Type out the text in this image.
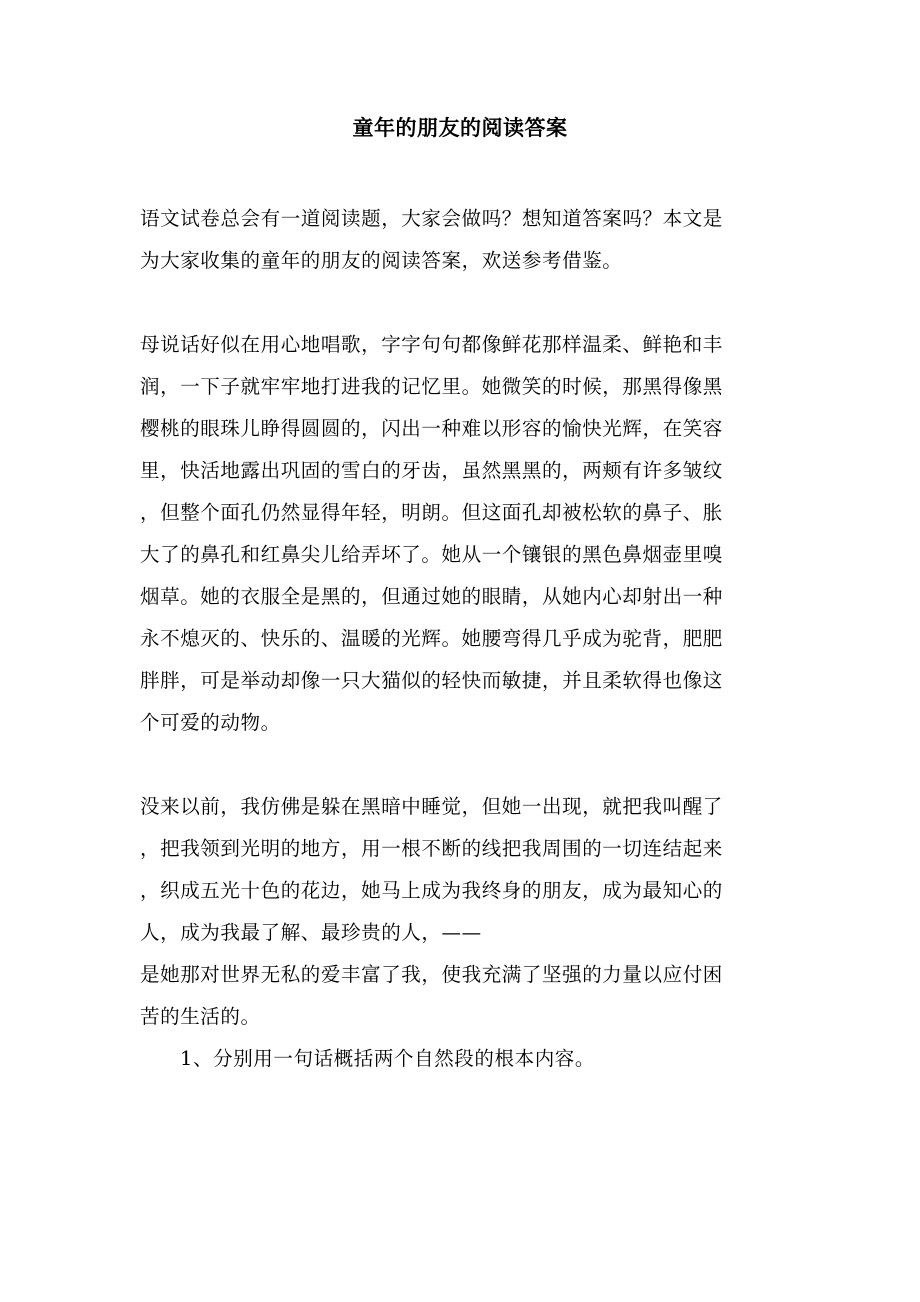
童年的朋友的阅读答案
语文试卷总会有一道阅读题，大家会做吗？想知道答案吗？本文是
为大家收集的童年的朋友的阅读答案，欢送参考借鉴。
母说话好似在用心地唱歌，字字句句都像鲜花那样温柔、鲜艳和丰
润，一下子就牢牢地打进我的记忆里。她微笑的时候，那黑得像黑
樱桃的眼珠儿睁得圆圆的，闪出一种难以形容的愉快光辉，在笑容
里，快活地露出巩固的雪白的牙齿，虽然黑黑的，两颊有许多皱纹
，但整个面孔仍然显得年轻，明朗。但这面孔却被松软的鼻子、胀
大了的鼻孔和红鼻尖儿给弄坏了。她从一个镶银的黑色鼻烟壶里嗅
烟草。她的衣服全是黑的，但通过她的眼睛，从她内心却射出一种
永不熄灭的、快乐的、温暖的光辉。她腰弯得几乎成为驼背，肥肥
胖胖，可是举动却像一只大猫似的轻快而敏捷，并且柔软得也像这
个可爱的动物。
没来以前，我仿佛是躲在黑暗中睡觉，但她一出现，就把我叫醒了
，把我领到光明的地方，用一根不断的线把我周围的一切连结起来
，织成五光十色的花边，她马上成为我终身的朋友，成为最知心的
人，成为我最了解、最珍贵的人，——
是她那对世界无私的爱丰富了我，使我充满了坚强的力量以应付困
苦的生活的。
1、分别用一句话概括两个自然段的根本内容。
